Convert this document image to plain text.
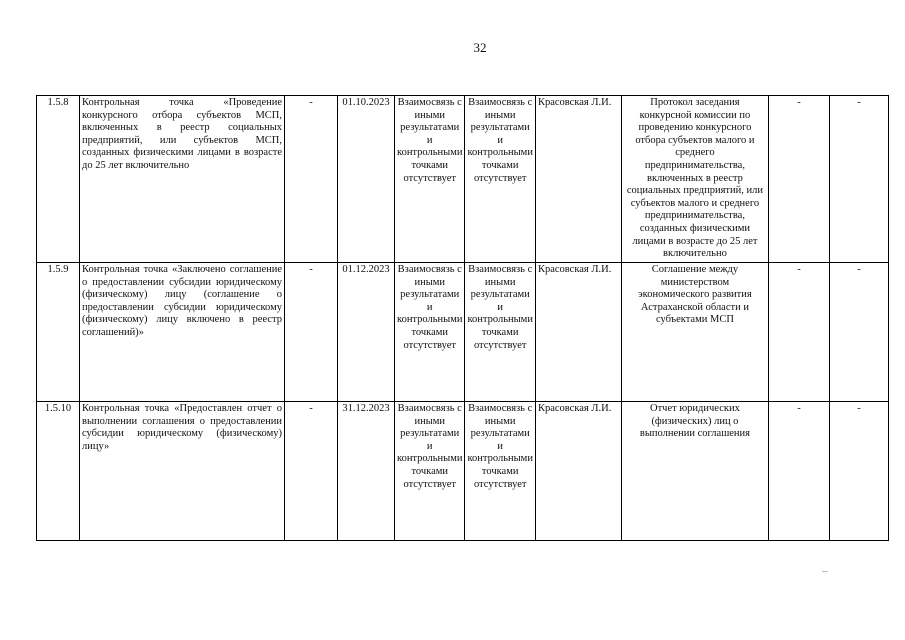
32
1.5.8	Контрольная точка «Проведение конкурсного отбора субъектов МСП, включенных в реестр социальных предприятий, или субъектов МСП, созданных физическими лицами в возрасте до 25 лет включительно	-	01.10.2023	Взаимосвязь с иными результатами и контрольными точками отсутствует	Взаимосвязь с иными результатами и контрольными точками отсутствует	Красовская Л.И.	Протокол заседания конкурсной комиссии по проведению конкурсного отбора субъектов малого и среднего предпринимательства, включенных в реестр социальных предприятий, или субъектов малого и среднего предпринимательства, созданных физическими лицами в возрасте до 25 лет включительно	-	-
1.5.9	Контрольная точка «Заключено соглашение о предоставлении субсидии юридическому (физическому) лицу (соглашение о предоставлении субсидии юридическому (физическому) лицу включено в реестр соглашений)»	-	01.12.2023	Взаимосвязь с иными результатами и контрольными точками отсутствует	Взаимосвязь с иными результатами и контрольными точками отсутствует	Красовская Л.И.	Соглашение между министерством экономического развития Астраханской области и субъектами МСП	-	-
1.5.10	Контрольная точка «Предоставлен отчет о выполнении соглашения о предоставлении субсидии юридическому (физическому) лицу»	-	31.12.2023	Взаимосвязь с иными результатами и контрольными точками отсутствует	Взаимосвязь с иными результатами и контрольными точками отсутствует	Красовская Л.И.	Отчет юридических (физических) лиц о выполнении соглашения	-	-
